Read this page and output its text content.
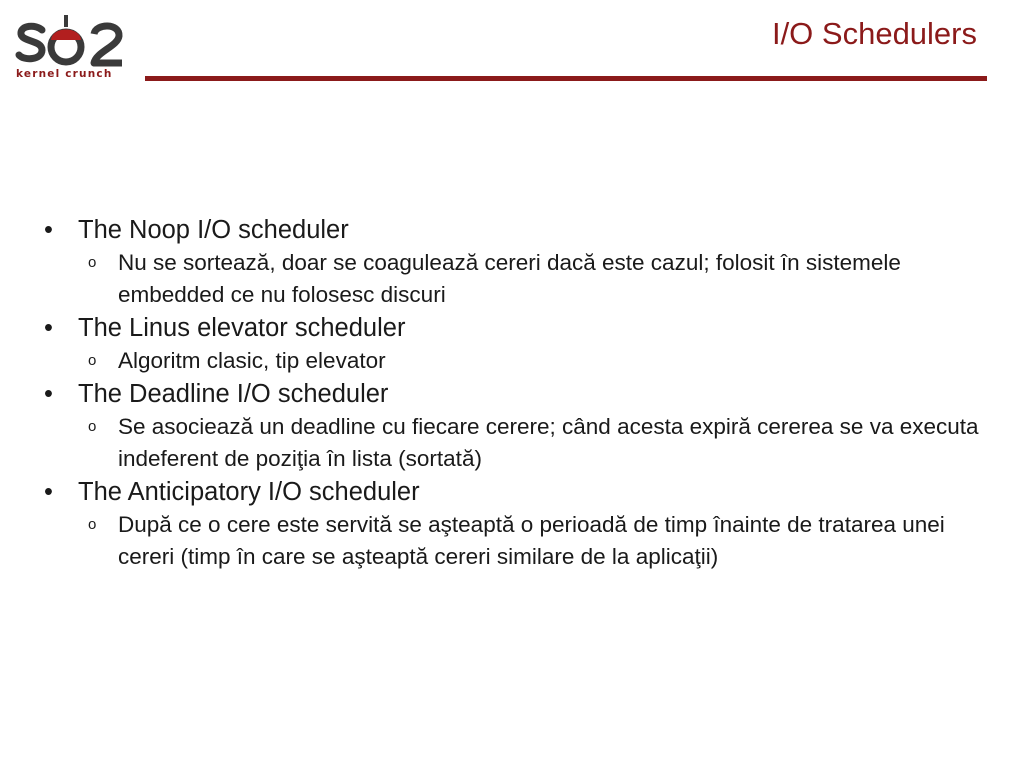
kernel crunch
I/O Schedulers
• The Noop I/O scheduler
o Nu se sortează, doar se coagulează cereri dacă este cazul; folosit în sistemele embedded ce nu folosesc discuri
• The Linus elevator scheduler
o Algoritm clasic, tip elevator
• The Deadline I/O scheduler
o Se asociează un deadline cu fiecare cerere; când acesta expiră cererea se va executa indeferent de poziţia în lista (sortată)
• The Anticipatory I/O scheduler
o După ce o cere este servită se aşteaptă o perioadă de timp înainte de tratarea unei cereri (timp în care se aşteaptă cereri similare de la aplicaţii)
